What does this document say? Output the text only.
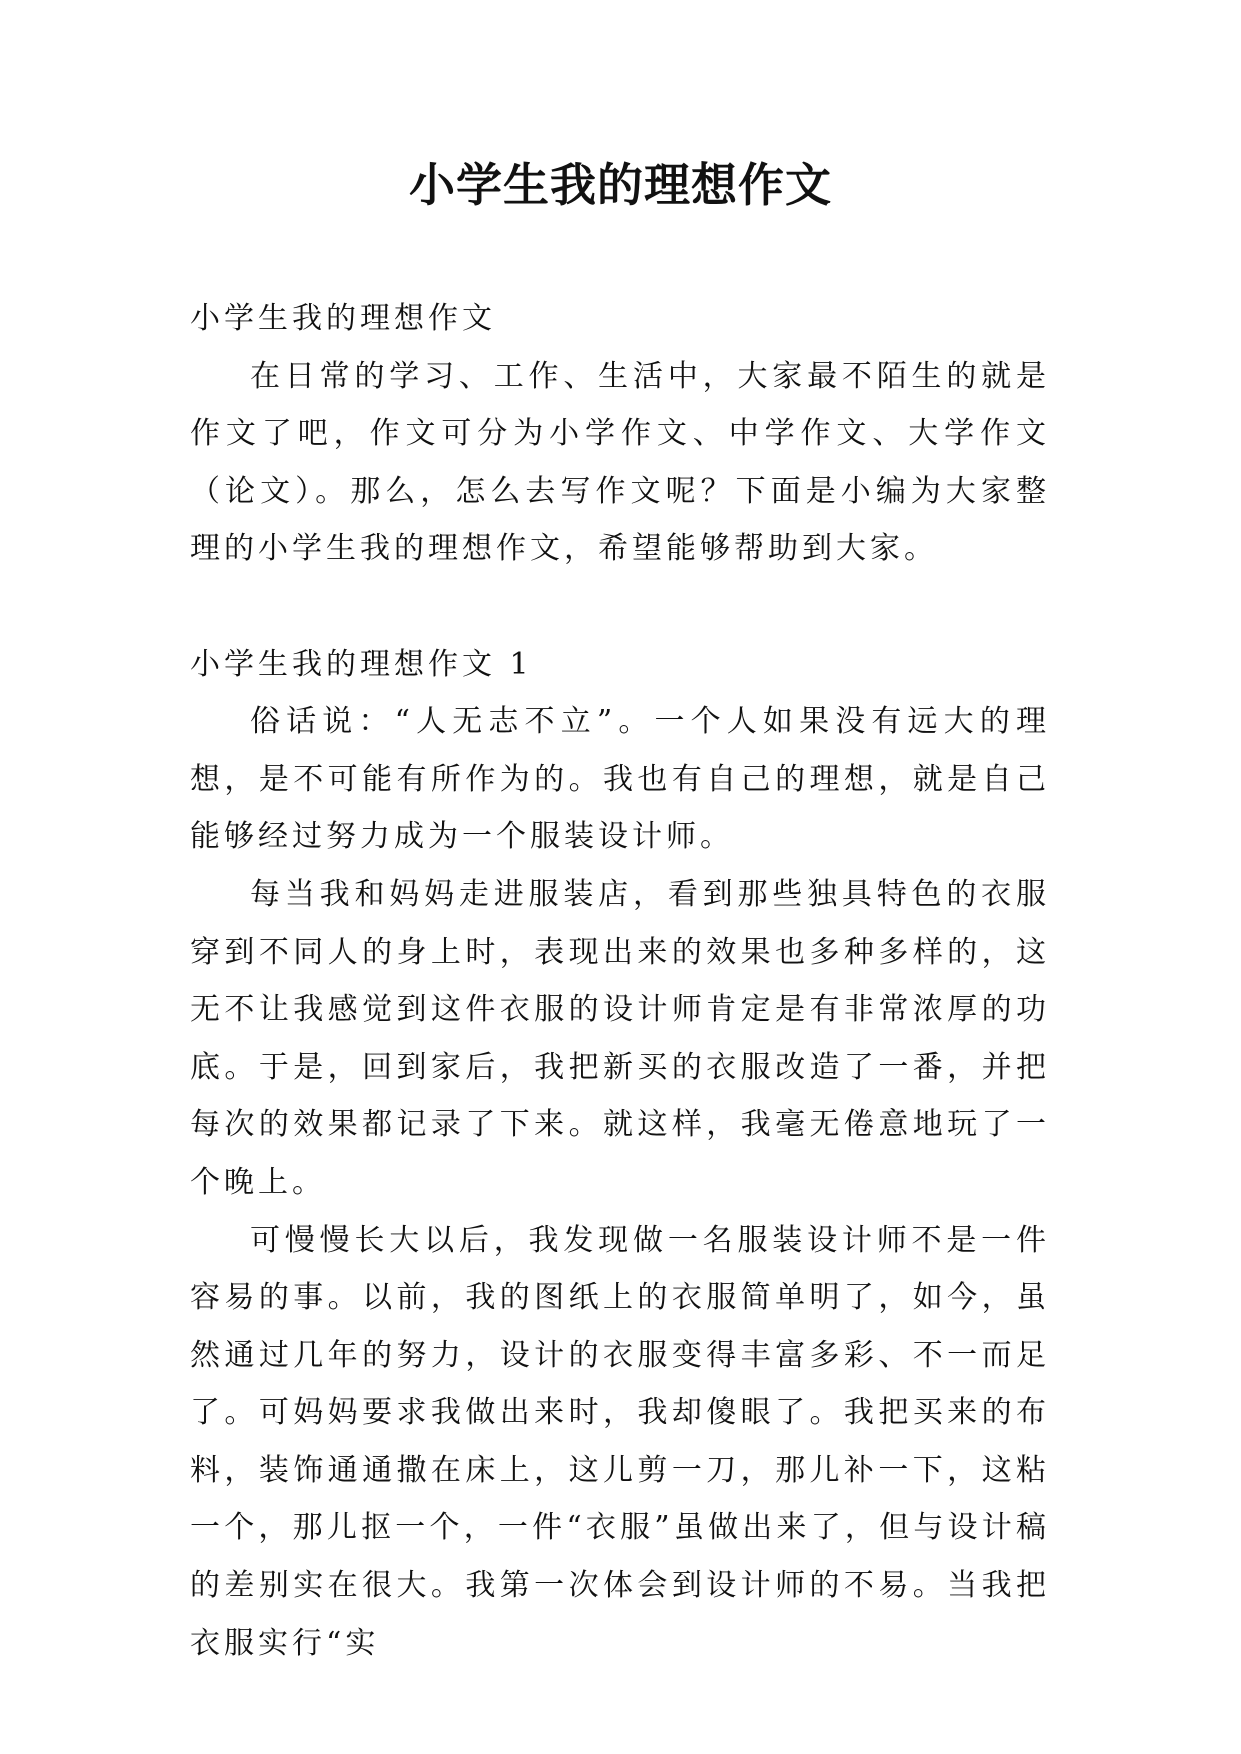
小学生我的理想作文

小学生我的理想作文

在日常的学习、工作、生活中，大家最不陌生的就是作文了吧，作文可分为小学作文、中学作文、大学作文（论文）。那么，怎么去写作文呢？下面是小编为大家整理的小学生我的理想作文，希望能够帮助到大家。

小学生我的理想作文 1

俗话说：“人无志不立”。一个人如果没有远大的理想，是不可能有所作为的。我也有自己的理想，就是自己能够经过努力成为一个服装设计师。

每当我和妈妈走进服装店，看到那些独具特色的衣服穿到不同人的身上时，表现出来的效果也多种多样的，这无不让我感觉到这件衣服的设计师肯定是有非常浓厚的功底。于是，回到家后，我把新买的衣服改造了一番，并把每次的效果都记录了下来。就这样，我毫无倦意地玩了一个晚上。

可慢慢长大以后，我发现做一名服装设计师不是一件容易的事。以前，我的图纸上的衣服简单明了，如今，虽然通过几年的努力，设计的衣服变得丰富多彩、不一而足了。可妈妈要求我做出来时，我却傻眼了。我把买来的布料，装饰通通撒在床上，这儿剪一刀，那儿补一下，这粘一个，那儿抠一个，一件“衣服”虽做出来了，但与设计稿的差别实在很大。我第一次体会到设计师的不易。当我把衣服实行“实
